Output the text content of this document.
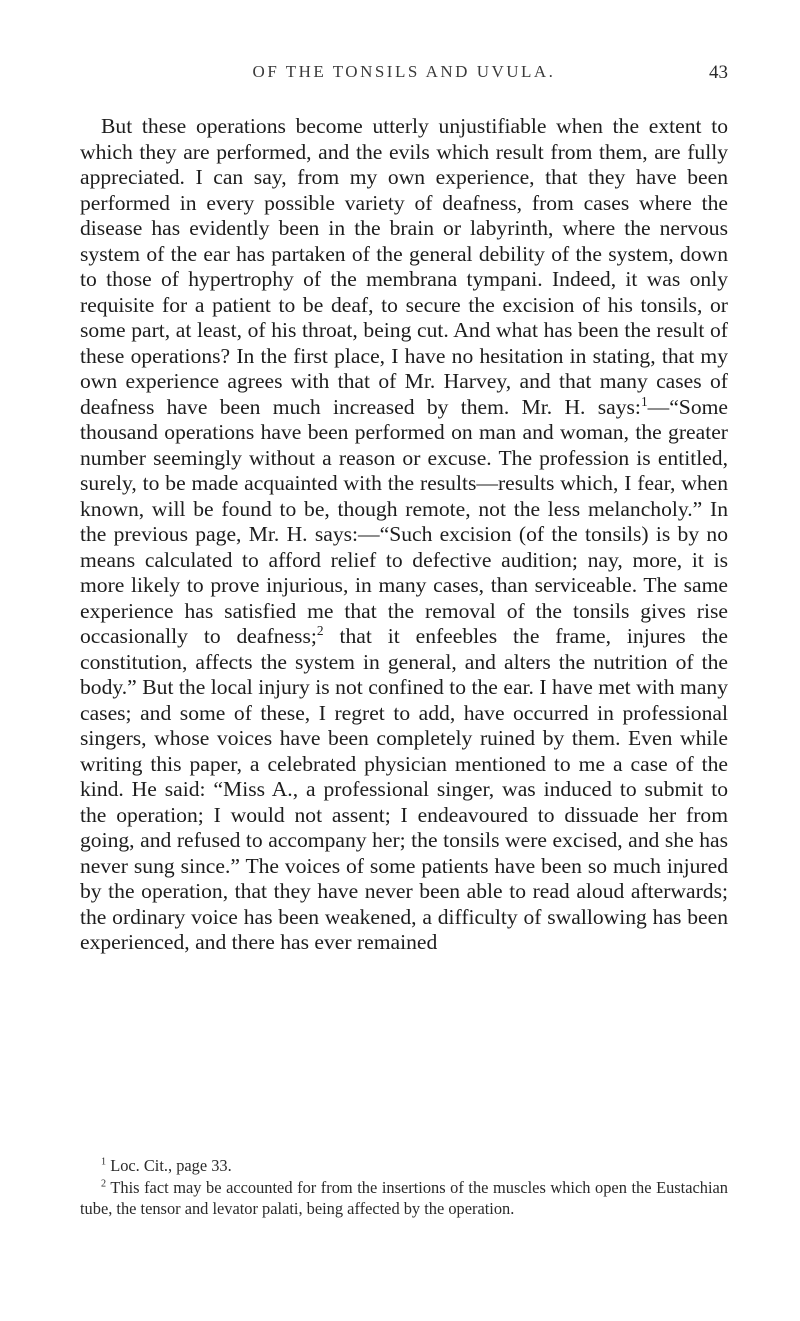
OF THE TONSILS AND UVULA.	43

But these operations become utterly unjustifiable when the extent to which they are performed, and the evils which result from them, are fully appreciated. I can say, from my own experience, that they have been performed in every possible variety of deafness, from cases where the disease has evidently been in the brain or labyrinth, where the nervous system of the ear has partaken of the general debility of the system, down to those of hypertrophy of the membrana tympani. Indeed, it was only requisite for a patient to be deaf, to secure the excision of his tonsils, or some part, at least, of his throat, being cut. And what has been the result of these operations? In the first place, I have no hesitation in stating, that my own experience agrees with that of Mr. Harvey, and that many cases of deafness have been much increased by them. Mr. H. says:$^1$—“Some thousand operations have been performed on man and woman, the greater number seemingly without a reason or excuse. The profession is entitled, surely, to be made acquainted with the results—results which, I fear, when known, will be found to be, though remote, not the less melancholy.” In the previous page, Mr. H. says:—“Such excision (of the tonsils) is by no means calculated to afford relief to defective audition; nay, more, it is more likely to prove injurious, in many cases, than serviceable. The same experience has satisfied me that the removal of the tonsils gives rise occasionally to deafness;$^2$ that it enfeebles the frame, injures the constitution, affects the system in general, and alters the nutrition of the body.” But the local injury is not confined to the ear. I have met with many cases; and some of these, I regret to add, have occurred in professional singers, whose voices have been completely ruined by them. Even while writing this paper, a celebrated physician mentioned to me a case of the kind. He said: “Miss A., a professional singer, was induced to submit to the operation; I would not assent; I endeavoured to dissuade her from going, and refused to accompany her; the tonsils were excised, and she has never sung since.” The voices of some patients have been so much injured by the operation, that they have never been able to read aloud afterwards; the ordinary voice has been weakened, a difficulty of swallowing has been experienced, and there has ever remained

$^1$ Loc. Cit., page 33.

$^2$ This fact may be accounted for from the insertions of the muscles which open the Eustachian tube, the tensor and levator palati, being affected by the operation.
